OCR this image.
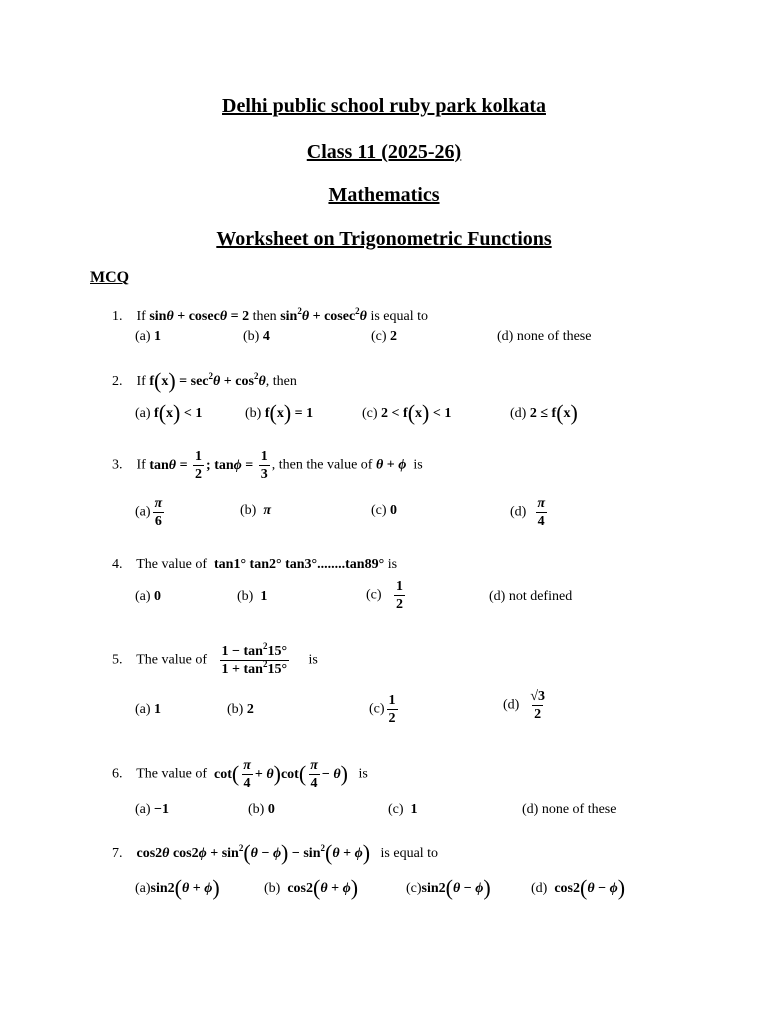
Delhi public school ruby park kolkata
Class 11 (2025-26)
Mathematics
Worksheet on Trigonometric Functions
MCQ
1. If sinθ + cosecθ = 2 then $\sin^2\theta + cosec^2\theta$ is equal to
(a) 1	(b) 4	(c) 2	(d) none of these
2. If $f(x) = \sec^2\theta + \cos^2\theta$, then
(a) f(x) < 1	(b) f(x) = 1	(c) 2 < f(x) < 1	(d) 2 ≤ f(x)
3. If $\tan\theta = \frac{1}{2}$ ; $\tan\phi = \frac{1}{3}$ , then the value of θ + ϕ is
$(a) \frac{\pi}{6}$	(b) π	(c) 0	$(d) \frac{\pi}{4}$
4. The value of tan1° tan2° tan3°........tan89° is
(a) 0	(b) 1	$(c) \frac{1}{2}$	(d) not defined
5. The value of $\frac{1 - \tan^215^\circ}{1 + \tan^215^\circ}$ is
(a) 1	(b) 2	$(c) \frac{1}{2}$	$(d) \frac{√3}{2}$
6. The value of $\cot( \frac{\pi}{4} + \theta)\cot( \frac{\pi}{4} - \theta)$ is
(a) −1	(b) 0	(c) 1	(d) none of these
7. cos2θ $\cos 2\phi + \sin^2(\theta - \phi) - \sin^2(\theta + \phi)$ is equal to
(a)sin2(θ + ϕ)	(b) cos2(θ + ϕ)	(c)sin2(θ − ϕ)	(d) cos2(θ − ϕ)
